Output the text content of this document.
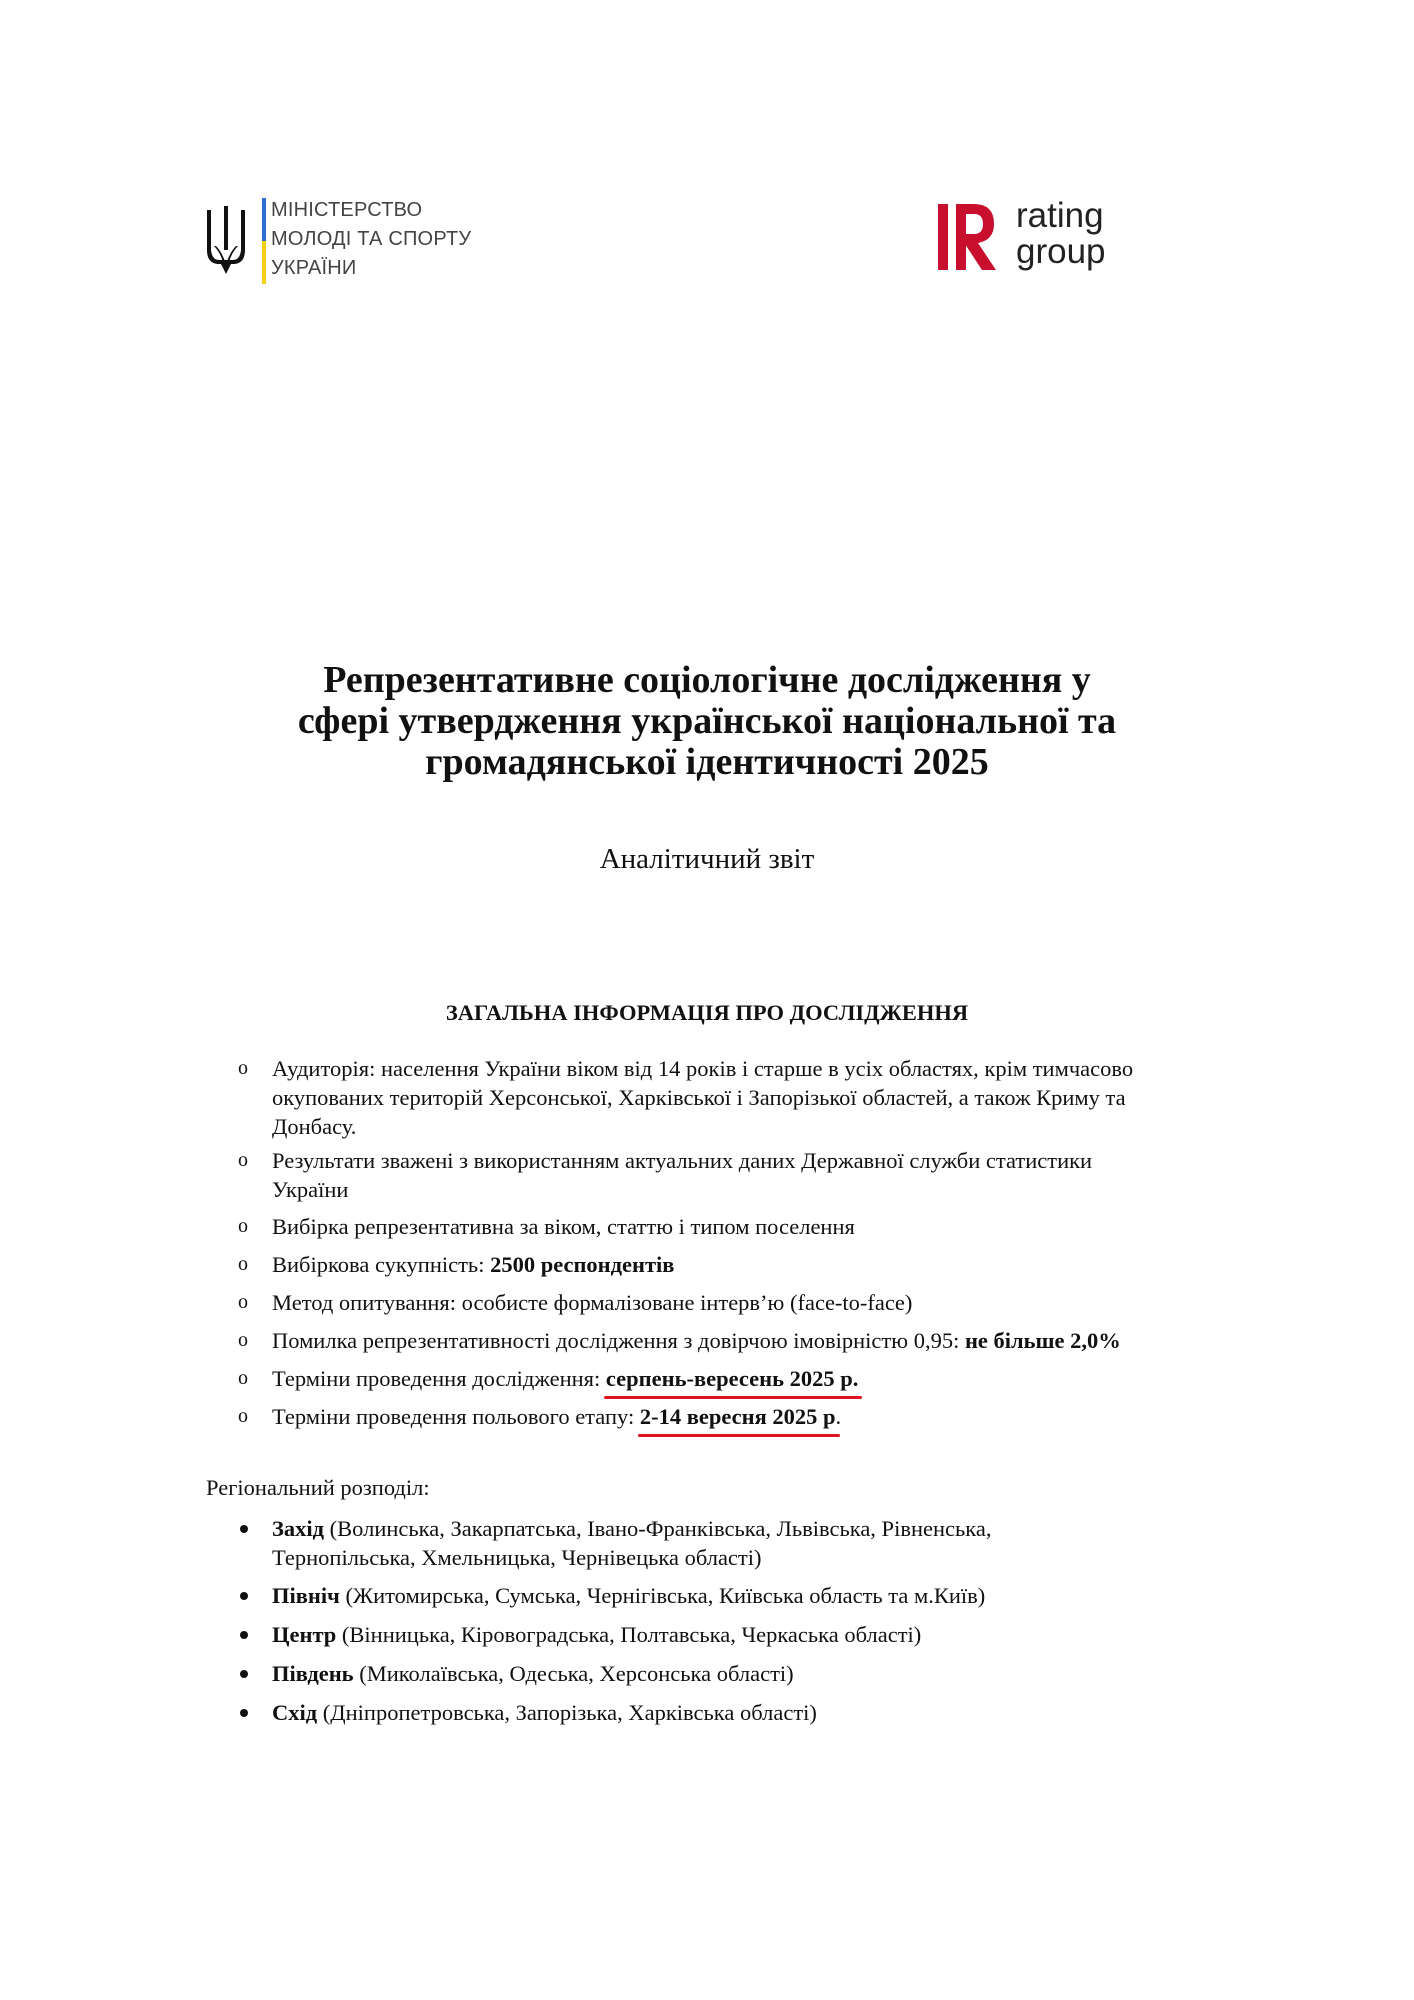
МІНІСТЕРСТВО
МОЛОДІ ТА СПОРТУ
УКРАЇНИ
rating
group
Репрезентативне соціологічне дослідження у
сфері утвердження української національної та
громадянської ідентичності 2025
Аналітичний звіт
ЗАГАЛЬНА ІНФОРМАЦІЯ ПРО ДОСЛІДЖЕННЯ
o Аудиторія: населення України віком від 14 років і старше в усіх областях, крім тимчасово окупованих територій Херсонської, Харківської і Запорізької областей, а також Криму та Донбасу.
o Результати зважені з використанням актуальних даних Державної служби статистики України
o Вибірка репрезентативна за віком, статтю і типом поселення
o Вибіркова сукупність: 2500 респондентів
o Метод опитування: особисте формалізоване інтерв’ю (face-to-face)
o Помилка репрезентативності дослідження з довірчою імовірністю 0,95: не більше 2,0%
o Терміни проведення дослідження: серпень-вересень 2025 р.
o Терміни проведення польового етапу: 2-14 вересня 2025 р.
Регіональний розподіл:
Захід (Волинська, Закарпатська, Івано-Франківська, Львівська, Рівненська, Тернопільська, Хмельницька, Чернівецька області)
Північ (Житомирська, Сумська, Чернігівська, Київська область та м.Київ)
Центр (Вінницька, Кіровоградська, Полтавська, Черкаська області)
Південь (Миколаївська, Одеська, Херсонська області)
Схід (Дніпропетровська, Запорізька, Харківська області)
